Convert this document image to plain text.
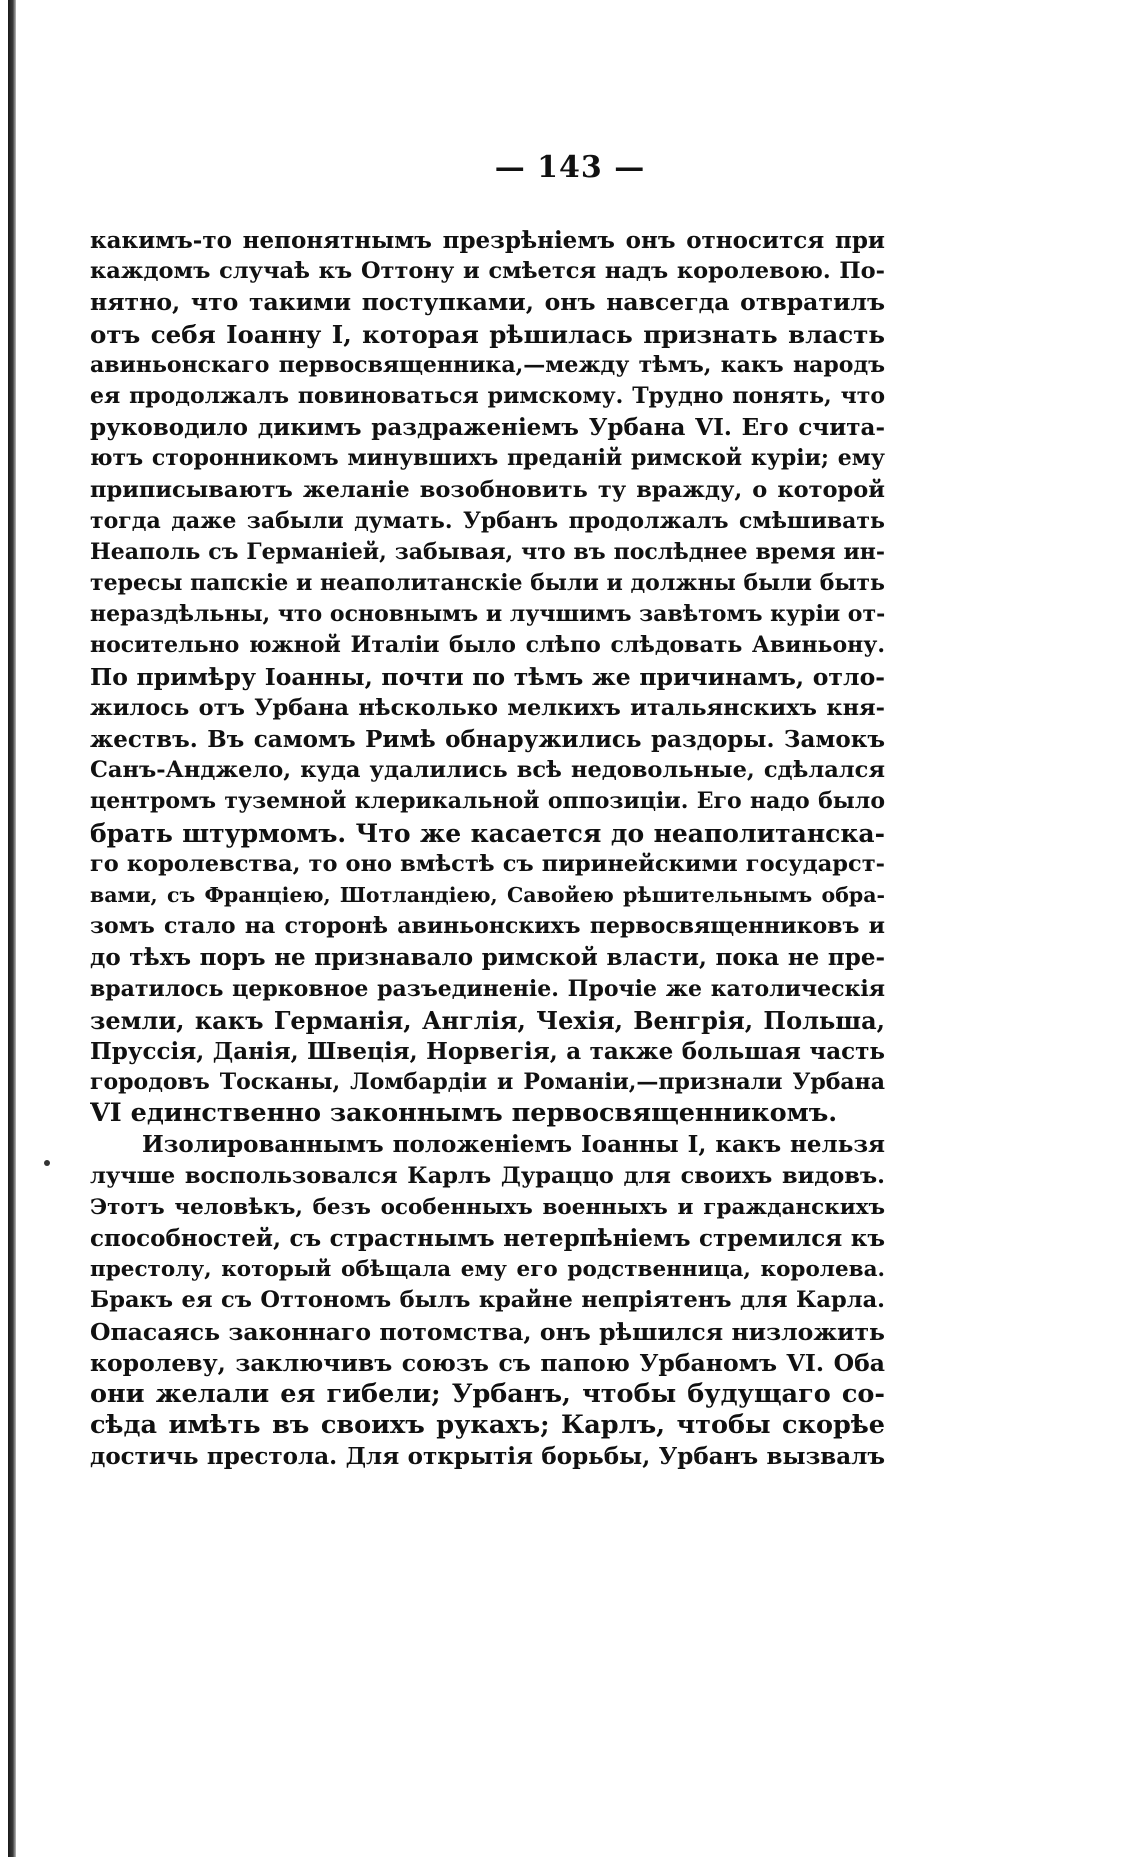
— 143 —
какимъ-то непонятнымъ презрѣніемъ онъ относится при
каждомъ случаѣ къ Оттону и смѣется надъ королевою. По-
нятно, что такими поступками, онъ навсегда отвратилъ
отъ себя Іоанну I, которая рѣшилась признать власть
авиньонскаго первосвященника,—между тѣмъ, какъ народъ
ея продолжалъ повиноваться римскому. Трудно понять, что
руководило дикимъ раздраженіемъ Урбана VI. Его счита-
ютъ сторонникомъ минувшихъ преданій римской куріи; ему
приписываютъ желаніе возобновить ту вражду, о которой
тогда даже забыли думать. Урбанъ продолжалъ смѣшивать
Неаполь съ Германіей, забывая, что въ послѣднее время ин-
тересы папскіе и неаполитанскіе были и должны были быть
нераздѣльны, что основнымъ и лучшимъ завѣтомъ куріи от-
носительно южной Италіи было слѣпо слѣдовать Авиньону.
По примѣру Іоанны, почти по тѣмъ же причинамъ, отло-
жилось отъ Урбана нѣсколько мелкихъ итальянскихъ кня-
жествъ. Въ самомъ Римѣ обнаружились раздоры. Замокъ
Санъ-Анджело, куда удалились всѣ недовольные, сдѣлался
центромъ туземной клерикальной оппозиціи. Его надо было
брать штурмомъ. Что же касается до неаполитанска-
го королевства, то оно вмѣстѣ съ пиринейскими государст-
вами, съ Франціею, Шотландіею, Савойею рѣшительнымъ обра-
зомъ стало на сторонѣ авиньонскихъ первосвященниковъ и
до тѣхъ поръ не признавало римской власти, пока не пре-
вратилось церковное разъединеніе. Прочіе же католическія
земли, какъ Германія, Англія, Чехія, Венгрія, Польша,
Пруссія, Данія, Швеція, Норвегія, а также большая часть
городовъ Тосканы, Ломбардіи и Романіи,—признали Урбана
VI единственно законнымъ первосвященникомъ.
Изолированнымъ положеніемъ Іоанны I, какъ нельзя
лучше воспользовался Карлъ Дураццо для своихъ видовъ.
Этотъ человѣкъ, безъ особенныхъ военныхъ и гражданскихъ
способностей, съ страстнымъ нетерпѣніемъ стремился къ
престолу, который обѣщала ему его родственница, королева.
Бракъ ея съ Оттономъ былъ крайне непріятенъ для Карла.
Опасаясь законнаго потомства, онъ рѣшился низложить
королеву, заключивъ союзъ съ папою Урбаномъ VI. Оба
они желали ея гибели; Урбанъ, чтобы будущаго со-
сѣда имѣть въ своихъ рукахъ; Карлъ, чтобы скорѣе
достичь престола. Для открытія борьбы, Урбанъ вызвалъ
